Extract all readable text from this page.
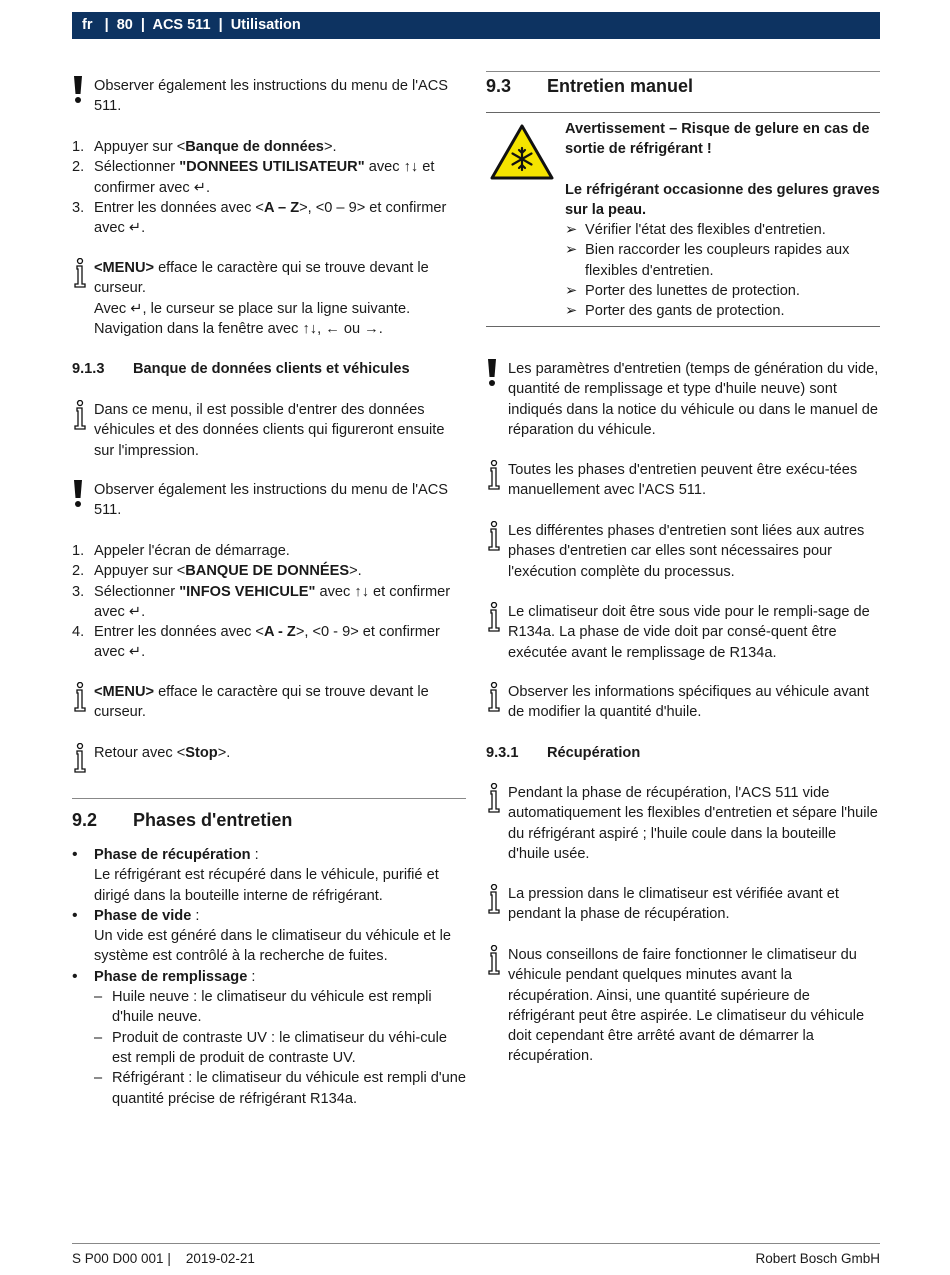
fr   |  80  |  ACS 511  |  Utilisation
Observer également les instructions du menu de l'ACS 511.
1. Appuyer sur <Banque de données>.
2. Sélectionner "DONNEES UTILISATEUR" avec ↑↓ et confirmer avec ↵.
3. Entrer les données avec <A – Z>, <0 – 9> et confirmer avec ↵.
<MENU> efface le caractère qui se trouve devant le curseur.
Avec ↵, le curseur se place sur la ligne suivante.
Navigation dans la fenêtre avec ↑↓, ← ou →.
9.1.3 Banque de données clients et véhicules
Dans ce menu, il est possible d'entrer des données véhicules et des données clients qui figureront ensuite sur l'impression.
Observer également les instructions du menu de l'ACS 511.
1. Appeler l'écran de démarrage.
2. Appuyer sur <BANQUE DE DONNÉES>.
3. Sélectionner "INFOS VEHICULE" avec ↑↓ et confirmer avec ↵.
4. Entrer les données avec <A - Z>, <0 - 9> et confirmer avec ↵.
<MENU> efface le caractère qui se trouve devant le curseur.
Retour avec <Stop>.
9.2 Phases d'entretien
• Phase de récupération :
Le réfrigérant est récupéré dans le véhicule, purifié et dirigé dans la bouteille interne de réfrigérant.
• Phase de vide :
Un vide est généré dans le climatiseur du véhicule et le système est contrôlé à la recherche de fuites.
• Phase de remplissage :
– Huile neuve : le climatiseur du véhicule est rempli d'huile neuve.
– Produit de contraste UV : le climatiseur du véhi-cule est rempli de produit de contraste UV.
– Réfrigérant : le climatiseur du véhicule est rempli d'une quantité précise de réfrigérant R134a.
9.3 Entretien manuel
Avertissement – Risque de gelure en cas de sortie de réfrigérant !
Le réfrigérant occasionne des gelures graves sur la peau.
➢ Vérifier l'état des flexibles d'entretien.
➢ Bien raccorder les coupleurs rapides aux flexibles d'entretien.
➢ Porter des lunettes de protection.
➢ Porter des gants de protection.
Les paramètres d'entretien (temps de génération du vide, quantité de remplissage et type d'huile neuve) sont indiqués dans la notice du véhicule ou dans le manuel de réparation du véhicule.
Toutes les phases d'entretien peuvent être exécu-tées manuellement avec l'ACS 511.
Les différentes phases d'entretien sont liées aux autres phases d'entretien car elles sont nécessaires pour l'exécution complète du processus.
Le climatiseur doit être sous vide pour le rempli-sage de R134a. La phase de vide doit par consé-quent être exécutée avant le remplissage de R134a.
Observer les informations spécifiques au véhicule avant de modifier la quantité d'huile.
9.3.1 Récupération
Pendant la phase de récupération, l'ACS 511 vide automatiquement les flexibles d'entretien et sépare l'huile du réfrigérant aspiré ; l'huile coule dans la bouteille d'huile usée.
La pression dans le climatiseur est vérifiée avant et pendant la phase de récupération.
Nous conseillons de faire fonctionner le climatiseur du véhicule pendant quelques minutes avant la récupération. Ainsi, une quantité supérieure de réfrigérant peut être aspirée. Le climatiseur du véhicule doit cependant être arrêté avant de démarrer la récupération.
S P00 D00 001 |    2019-02-21	Robert Bosch GmbH
